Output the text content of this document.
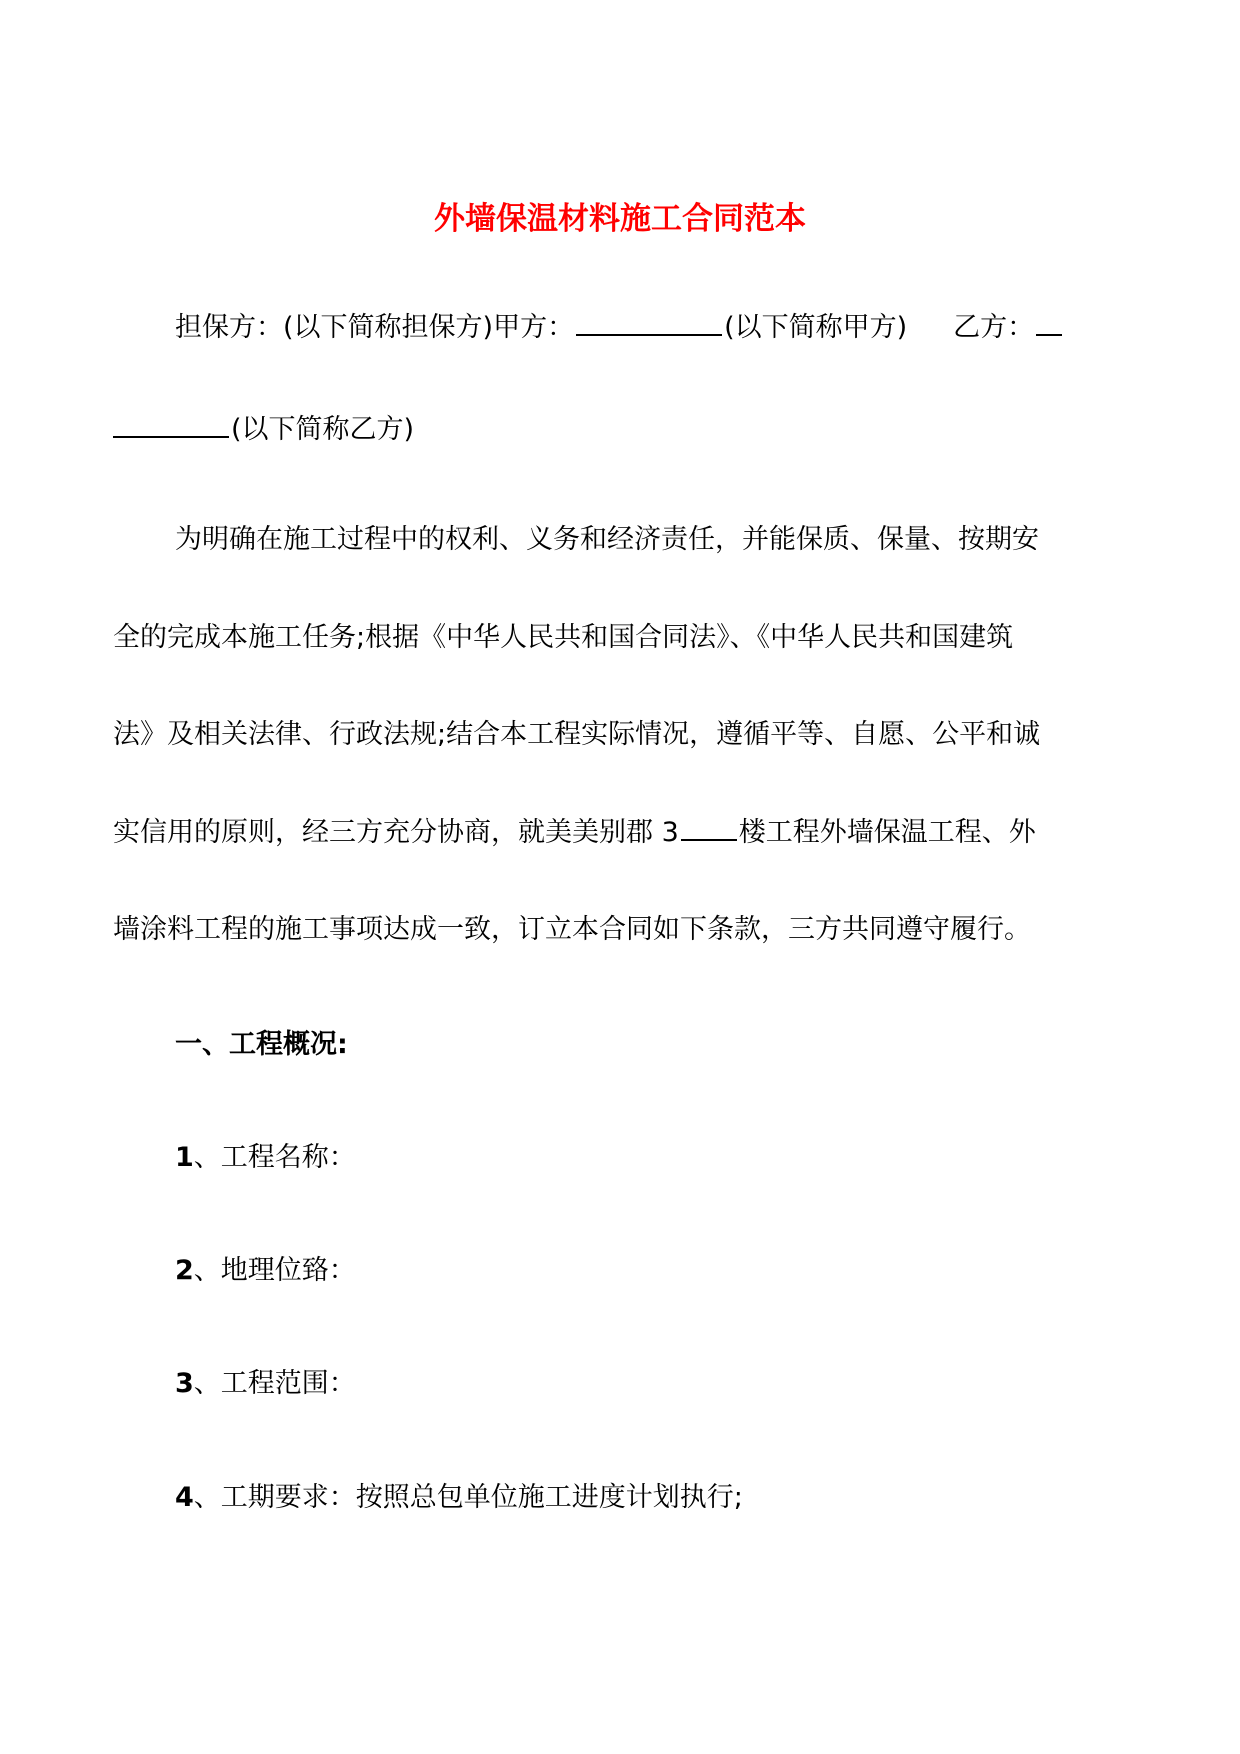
外墙保温材料施工合同范本
担保方：(以下简称担保方)甲方：	(以下简称甲方) 乙方：
(以下简称乙方)
为明确在施工过程中的权利、义务和经济责任，并能保质、保量、按期安
全的完成本施工任务;根据《中华人民共和国合同法》、《中华人民共和国建筑
法》及相关法律、行政法规;结合本工程实际情况，遵循平等、自愿、公平和诚
实信用的原则，经三方充分协商，就美美别郡 3 楼工程外墙保温工程、外
墙涂料工程的施工事项达成一致，订立本合同如下条款，三方共同遵守履行。
一、工程概况:
1、工程名称：
2、地理位臵：
3、工程范围：
4、工期要求：按照总包单位施工进度计划执行;
